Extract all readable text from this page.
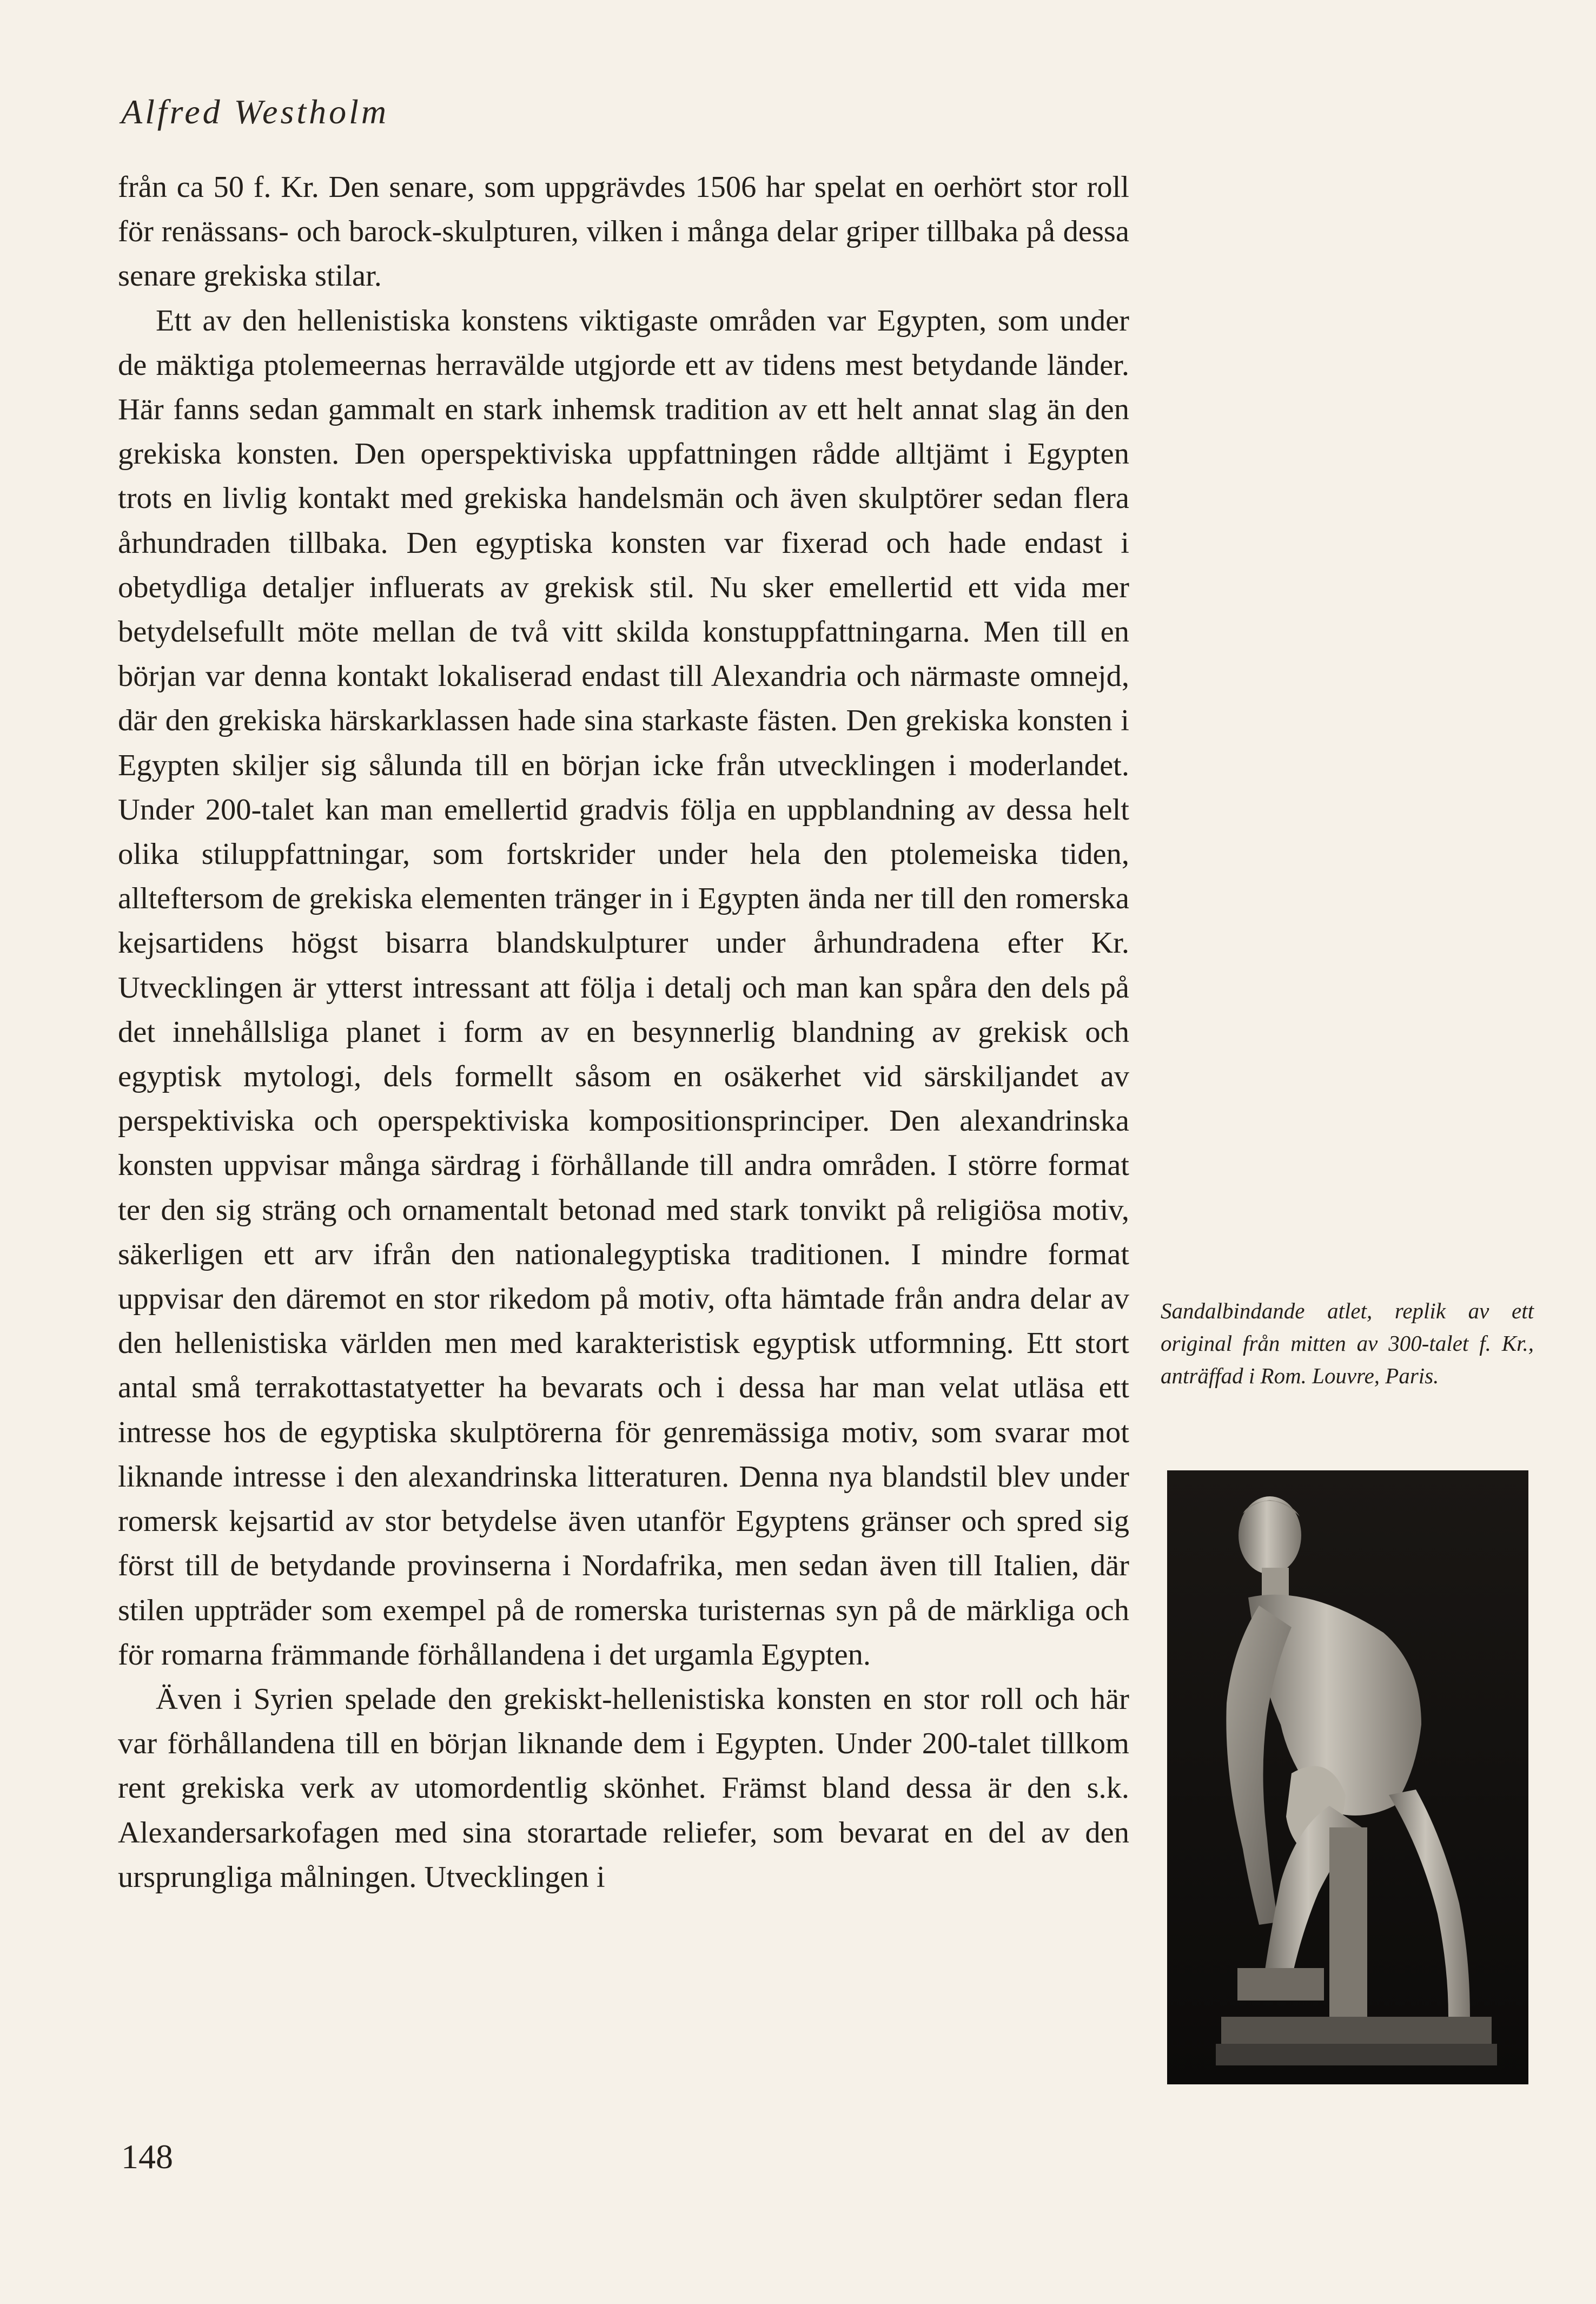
Alfred Westholm

från ca 50 f. Kr. Den senare, som uppgrävdes 1506 har spelat en oerhört stor roll för renässans- och barock-skulpturen, vilken i många delar griper tillbaka på dessa senare grekiska stilar.

Ett av den hellenistiska konstens viktigaste områden var Egypten, som under de mäktiga ptolemeernas herravälde utgjorde ett av tidens mest betydande länder. Här fanns sedan gammalt en stark inhemsk tradition av ett helt annat slag än den grekiska konsten. Den operspektiviska uppfattningen rådde alltjämt i Egypten trots en livlig kontakt med grekiska handelsmän och även skulptörer sedan flera århundraden tillbaka. Den egyptiska konsten var fixerad och hade endast i obetydliga detaljer influerats av grekisk stil. Nu sker emellertid ett vida mer betydelsefullt möte mellan de två vitt skilda konstuppfattningarna. Men till en början var denna kontakt lokaliserad endast till Alexandria och närmaste omnejd, där den grekiska härskarklassen hade sina starkaste fästen. Den grekiska konsten i Egypten skiljer sig sålunda till en början icke från utvecklingen i moderlandet. Under 200-talet kan man emellertid gradvis följa en uppblandning av dessa helt olika stiluppfattningar, som fortskrider under hela den ptolemeiska tiden, allteftersom de grekiska elementen tränger in i Egypten ända ner till den romerska kejsartidens högst bisarra blandskulpturer under århundradena efter Kr. Utvecklingen är ytterst intressant att följa i detalj och man kan spåra den dels på det innehållsliga planet i form av en besynnerlig blandning av grekisk och egyptisk mytologi, dels formellt såsom en osäkerhet vid särskiljandet av perspektiviska och operspektiviska kompositionsprinciper. Den alexandrinska konsten uppvisar många särdrag i förhållande till andra områden. I större format ter den sig sträng och ornamentalt betonad med stark tonvikt på religiösa motiv, säkerligen ett arv ifrån den nationalegyptiska traditionen. I mindre format uppvisar den däremot en stor rikedom på motiv, ofta hämtade från andra delar av den hellenistiska världen men med karakteristisk egyptisk utformning. Ett stort antal små terrakottastatyetter ha bevarats och i dessa har man velat utläsa ett intresse hos de egyptiska skulptörerna för genremässiga motiv, som svarar mot liknande intresse i den alexandrinska litteraturen. Denna nya blandstil blev under romersk kejsartid av stor betydelse även utanför Egyptens gränser och spred sig först till de betydande provinserna i Nordafrika, men sedan även till Italien, där stilen uppträder som exempel på de romerska turisternas syn på de märkliga och för romarna främmande förhållandena i det urgamla Egypten.

Även i Syrien spelade den grekiskt-hellenistiska konsten en stor roll och här var förhållandena till en början liknande dem i Egypten. Under 200-talet tillkom rent grekiska verk av utomordentlig skönhet. Främst bland dessa är den s.k. Alexandersarkofagen med sina storartade reliefer, som bevarat en del av den ursprungliga målningen. Utvecklingen i

Sandalbindande atlet, replik av ett original från mitten av 300-talet f. Kr., anträffad i Rom. Louvre, Paris.
148
